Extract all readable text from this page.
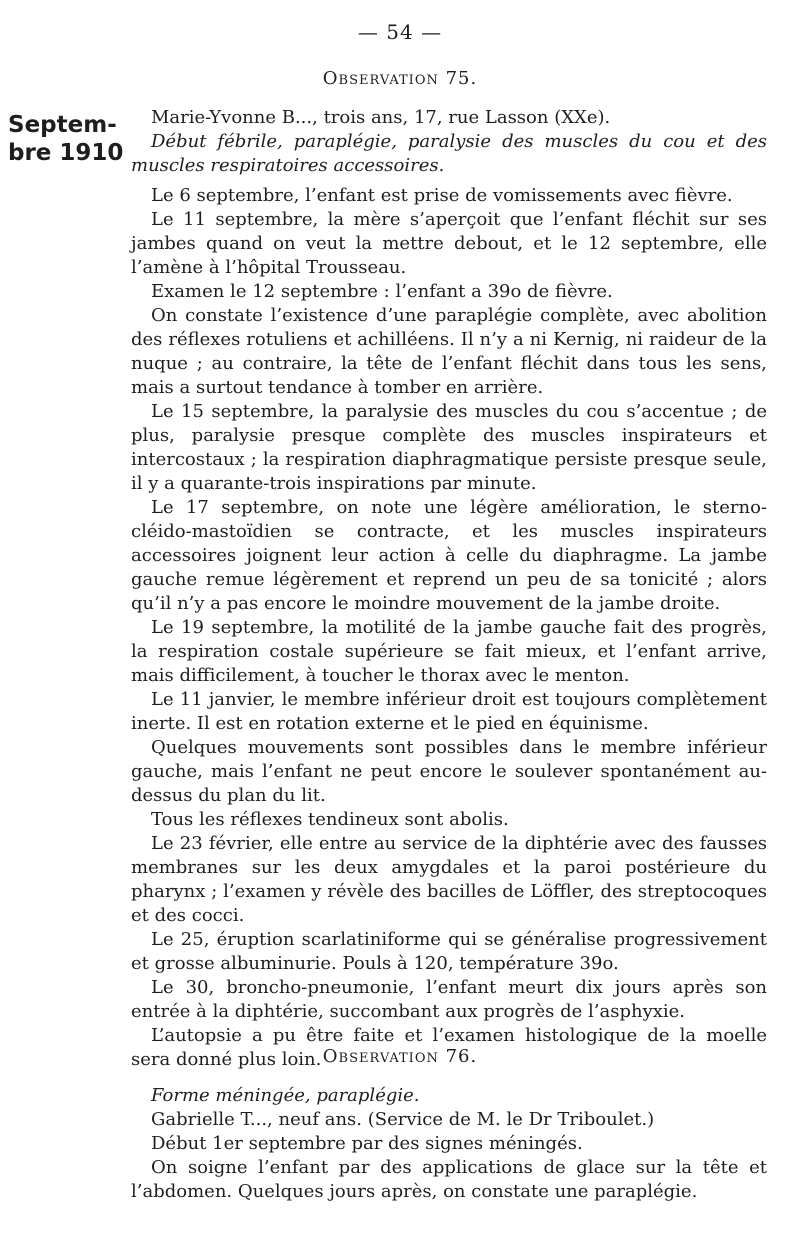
— 54 —
Observation 75.
Septem-
bre 1910

Marie-Yvonne B..., trois ans, 17, rue Lasson (XXe).

Début fébrile, paraplégie, paralysie des muscles du cou et des muscles respiratoires accessoires.

Le 6 septembre, l’enfant est prise de vomissements avec fièvre.

Le 11 septembre, la mère s’aperçoit que l’enfant fléchit sur ses jambes quand on veut la mettre debout, et le 12 septembre, elle l’amène à l’hôpital Trousseau.

Examen le 12 septembre : l’enfant a 39o de fièvre.

On constate l’existence d’une paraplégie complète, avec abolition des réflexes rotuliens et achilléens. Il n’y a ni Kernig, ni raideur de la nuque ; au contraire, la tête de l’enfant fléchit dans tous les sens, mais a surtout tendance à tomber en arrière.

Le 15 septembre, la paralysie des muscles du cou s’accentue ; de plus, paralysie presque complète des muscles inspirateurs et intercostaux ; la respiration diaphragmatique persiste presque seule, il y a quarante-trois inspirations par minute.

Le 17 septembre, on note une légère amélioration, le sterno-cléido-mastoïdien se contracte, et les muscles inspirateurs accessoires joignent leur action à celle du diaphragme. La jambe gauche remue légèrement et reprend un peu de sa tonicité ; alors qu’il n’y a pas encore le moindre mouvement de la jambe droite.

Le 19 septembre, la motilité de la jambe gauche fait des progrès, la respiration costale supérieure se fait mieux, et l’enfant arrive, mais difficilement, à toucher le thorax avec le menton.

Le 11 janvier, le membre inférieur droit est toujours complètement inerte. Il est en rotation externe et le pied en équinisme.

Quelques mouvements sont possibles dans le membre inférieur gauche, mais l’enfant ne peut encore le soulever spontanément au-dessus du plan du lit.

Tous les réflexes tendineux sont abolis.

Le 23 février, elle entre au service de la diphtérie avec des fausses membranes sur les deux amygdales et la paroi postérieure du pharynx ; l’examen y révèle des bacilles de Löffler, des streptocoques et des cocci.

Le 25, éruption scarlatiniforme qui se généralise progressivement et grosse albuminurie. Pouls à 120, température 39o.

Le 30, broncho-pneumonie, l’enfant meurt dix jours après son entrée à la diphtérie, succombant aux progrès de l’asphyxie.

L’autopsie a pu être faite et l’examen histologique de la moelle sera donné plus loin. Observation 76.

Forme méningée, paraplégie.

Gabrielle T..., neuf ans. (Service de M. le Dr Triboulet.)

Début 1er septembre par des signes méningés.

On soigne l’enfant par des applications de glace sur la tête et l’abdomen. Quelques jours après, on constate une paraplégie.
